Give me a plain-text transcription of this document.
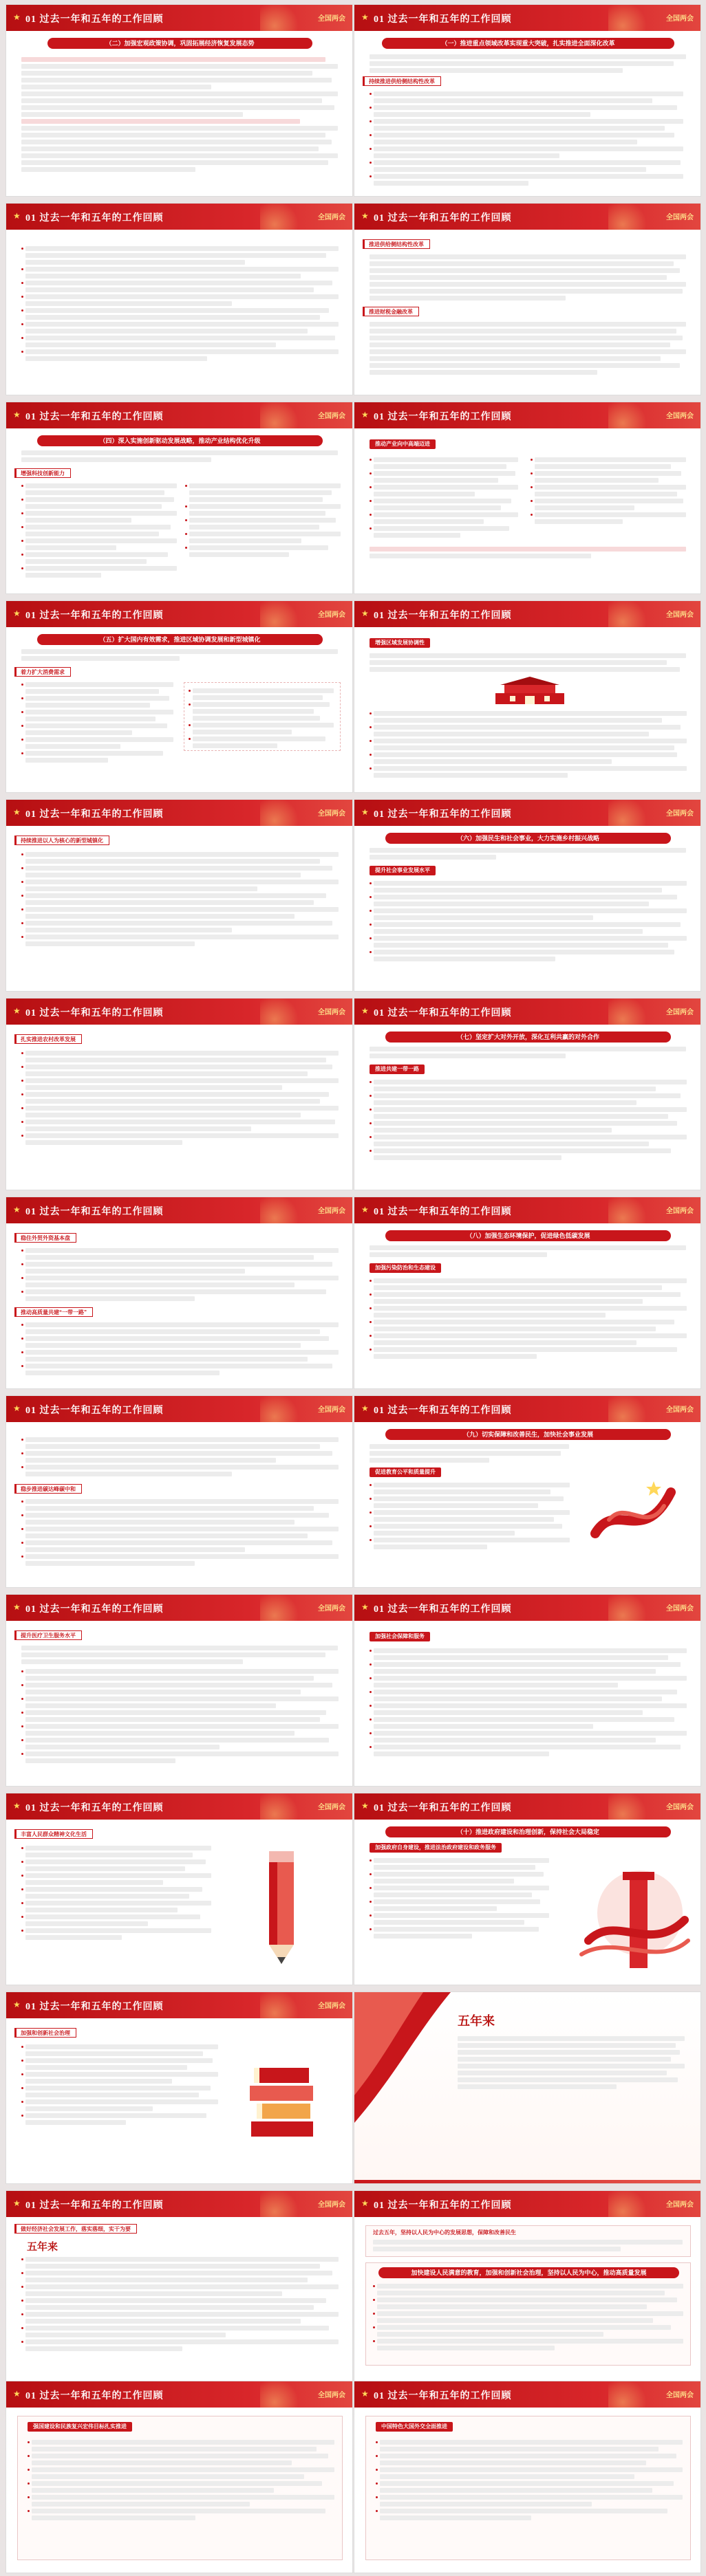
★ 01 过去一年和五年的工作回顾	全国两会
（二）加强宏观政策协调，巩固拓展经济恢复发展态势
★ 01 过去一年和五年的工作回顾	全国两会
（一）推进重点领域改革实现重大突破，扎实推进全面深化改革
持续推进供给侧结构性改革
★ 01 过去一年和五年的工作回顾	全国两会 ★ 01 过去一年和五年的工作回顾	全国两会
推进供给侧结构性改革
推进财税金融改革
★ 01 过去一年和五年的工作回顾	全国两会
（四）深入实施创新驱动发展战略，推动产业结构优化升级
增强科技创新能力
★ 01 过去一年和五年的工作回顾	全国两会
推动产业向中高端迈进
★ 01 过去一年和五年的工作回顾	全国两会
（五）扩大国内有效需求，推进区域协调发展和新型城镇化
着力扩大消费需求
★ 01 过去一年和五年的工作回顾	全国两会
增强区域发展协调性
★ 01 过去一年和五年的工作回顾	全国两会
持续推进以人为核心的新型城镇化
★ 01 过去一年和五年的工作回顾	全国两会
（六）加强民生和社会事业，大力实施乡村振兴战略
提升社会事业发展水平
★ 01 过去一年和五年的工作回顾	全国两会
扎实推进农村改革发展
★ 01 过去一年和五年的工作回顾	全国两会
（七）坚定扩大对外开放，深化互利共赢的对外合作
推进共建一带一路
★ 01 过去一年和五年的工作回顾	全国两会
稳住外贸外资基本盘
推动高质量共建“一带一路”
★ 01 过去一年和五年的工作回顾	全国两会
（八）加强生态环境保护，促进绿色低碳发展
加强污染防治和生态建设
★ 01 过去一年和五年的工作回顾	全国两会
稳步推进碳达峰碳中和
★ 01 过去一年和五年的工作回顾	全国两会
（九）切实保障和改善民生，加快社会事业发展
促进教育公平和质量提升
★ 01 过去一年和五年的工作回顾	全国两会
提升医疗卫生服务水平
★ 01 过去一年和五年的工作回顾	全国两会
加强社会保障和服务
★ 01 过去一年和五年的工作回顾	全国两会
丰富人民群众精神文化生活
★ 01 过去一年和五年的工作回顾	全国两会
（十）推进政府建设和治理创新，保持社会大局稳定
加强政府自身建设，推进法治政府建设和政务服务
★ 01 过去一年和五年的工作回顾	全国两会
加强和创新社会治理
五年来
★ 01 过去一年和五年的工作回顾	全国两会
做好经济社会发展工作，落实落细，实干为要
五年来
★ 01 过去一年和五年的工作回顾	全国两会
过去五年，坚持以人民为中心的发展思想，保障和改善民生
加快建设人民满意的教育，加强和创新社会治理，坚持以人民为中心，推动高质量发展
★ 01 过去一年和五年的工作回顾	全国两会
强国建设和民族复兴宏伟目标扎实推进
★ 01 过去一年和五年的工作回顾	全国两会
中国特色大国外交全面推进
